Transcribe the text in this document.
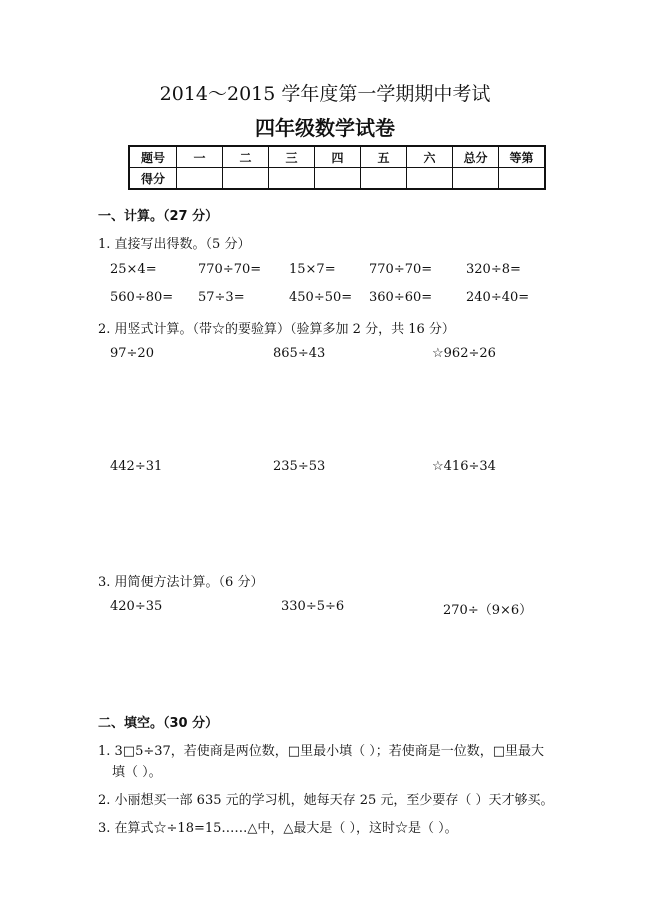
2014～2015 学年度第一学期期中考试
四年级数学试卷
题号	一	二	三	四	五	六	总分	等第
得分								
一、计算。（27 分）
1. 直接写出得数。（5 分）
25×4=	770÷70= 15×7=	770÷70=	320÷8=
560÷80= 57÷3=	450÷50= 360÷60=	240÷40=
2. 用竖式计算。（带☆的要验算）（验算多加 2 分，共 16 分）
97÷20	865÷43	☆962÷26
442÷31	235÷53	☆416÷34
3. 用简便方法计算。（6 分）
420÷35	330÷5÷6	270÷（9×6）
二、填空。（30 分）
1. 3□5÷37，若使商是两位数，□里最小填（ ）；若使商是一位数，□里最大
填（ ）。
2. 小丽想买一部 635 元的学习机，她每天存 25 元，至少要存（ ）天才够买。
3. 在算式☆÷18=15……△中，△最大是（ ），这时☆是（ ）。
